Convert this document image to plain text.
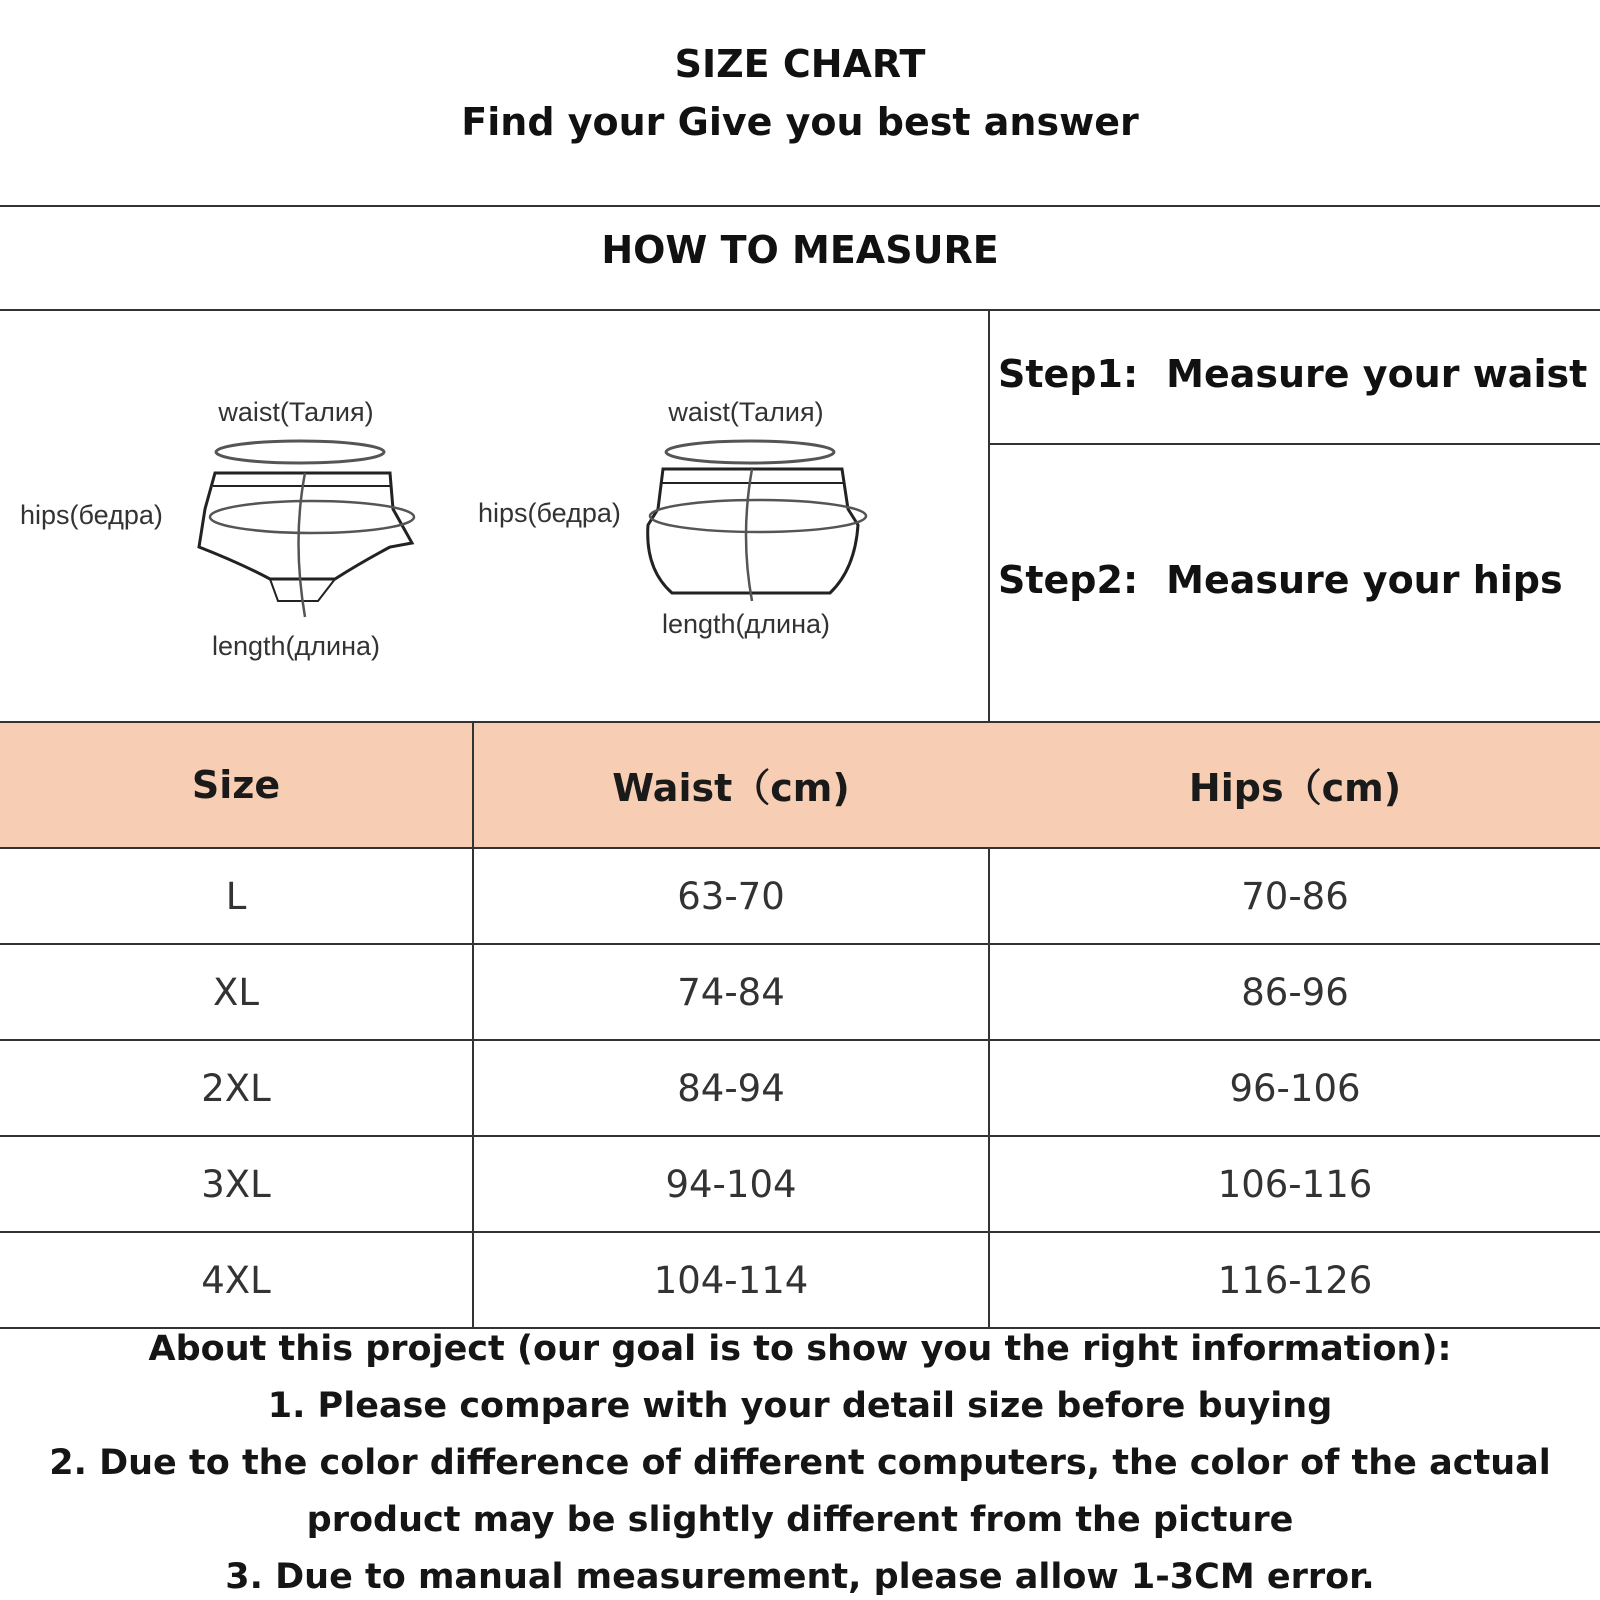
SIZE CHART
Find your Give you best answer
HOW TO MEASURE
Step1: Measure your waist
Step2: Measure your hips
waist(Талия)
hips(бедра)
length(длина)
waist(Талия)
hips(бедра)
length(длина)
Size	Waist（cm)	Hips（cm)
L	63-70	70-86
XL	74-84	86-96
2XL	84-94	96-106
3XL	94-104	106-116
4XL	104-114	116-126
About this project (our goal is to show you the right information):
1. Please compare with your detail size before buying
2. Due to the color difference of different computers, the color of the actual
product may be slightly different from the picture
3. Due to manual measurement, please allow 1-3CM error.
